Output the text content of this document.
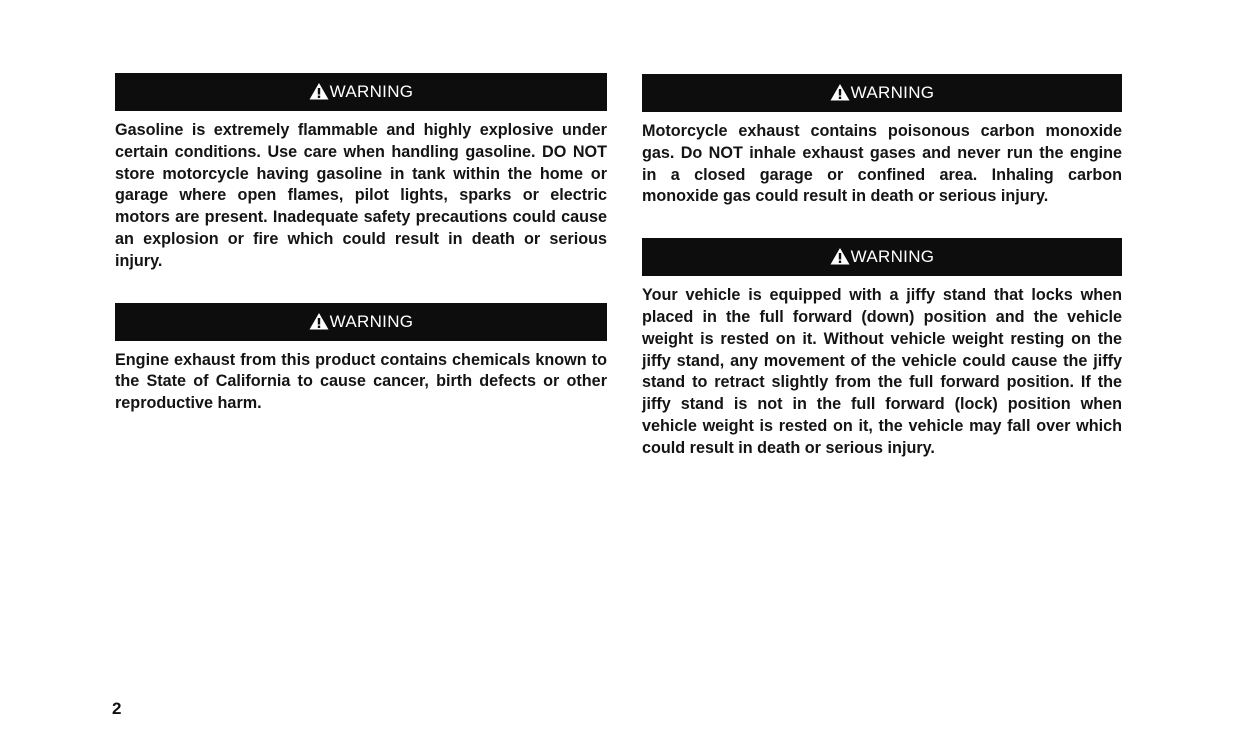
WARNING

Gasoline is extremely flammable and highly explosive under certain conditions. Use care when handling gasoline. DO NOT store motorcycle having gasoline in tank within the home or garage where open flames, pilot lights, sparks or electric motors are present. Inadequate safety precautions could cause an explosion or fire which could result in death or serious injury.

WARNING

Engine exhaust from this product contains chemicals known to the State of California to cause cancer, birth defects or other reproductive harm.

WARNING

Motorcycle exhaust contains poisonous carbon monoxide gas. Do NOT inhale exhaust gases and never run the engine in a closed garage or confined area. Inhaling carbon monoxide gas could result in death or serious injury.

WARNING

Your vehicle is equipped with a jiffy stand that locks when placed in the full forward (down) position and the vehicle weight is rested on it. Without vehicle weight resting on the jiffy stand, any movement of the vehicle could cause the jiffy stand to retract slightly from the full forward position. If the jiffy stand is not in the full forward (lock) position when vehicle weight is rested on it, the vehicle may fall over which could result in death or serious injury.

2
